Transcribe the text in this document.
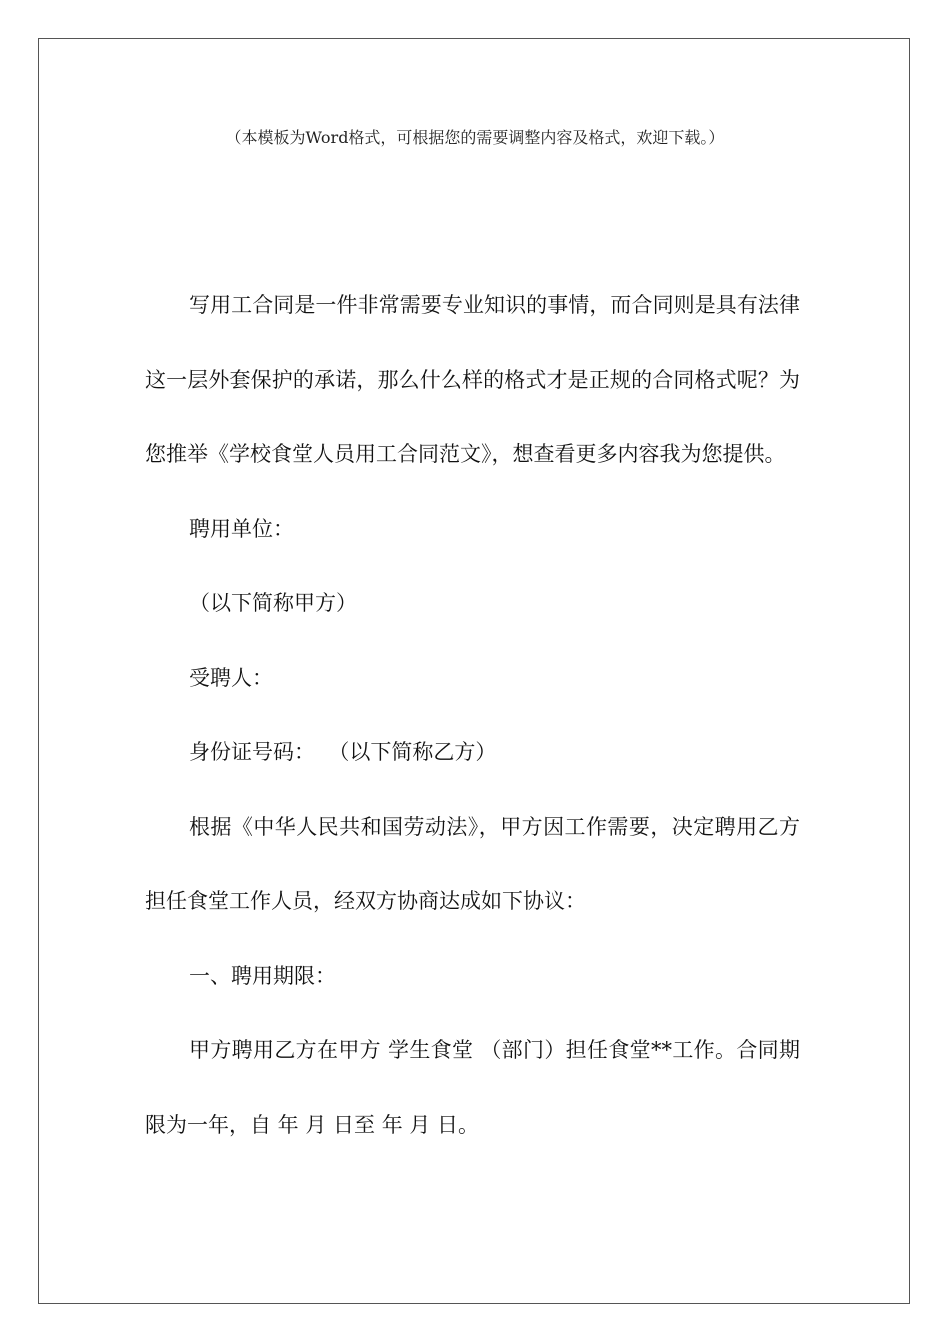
（本模板为Word格式，可根据您的需要调整内容及格式，欢迎下载。）

写用工合同是一件非常需要专业知识的事情，而合同则是具有法律这一层外套保护的承诺，那么什么样的格式才是正规的合同格式呢？为您推举《学校食堂人员用工合同范文》，想查看更多内容我为您提供。

聘用单位：

（以下简称甲方）

受聘人：

身份证号码：  （以下简称乙方）

根据《中华人民共和国劳动法》，甲方因工作需要，决定聘用乙方担任食堂工作人员，经双方协商达成如下协议：

一、聘用期限：

甲方聘用乙方在甲方 学生食堂 （部门）担任食堂**工作。合同期限为一年，自 年 月 日至 年 月 日。
